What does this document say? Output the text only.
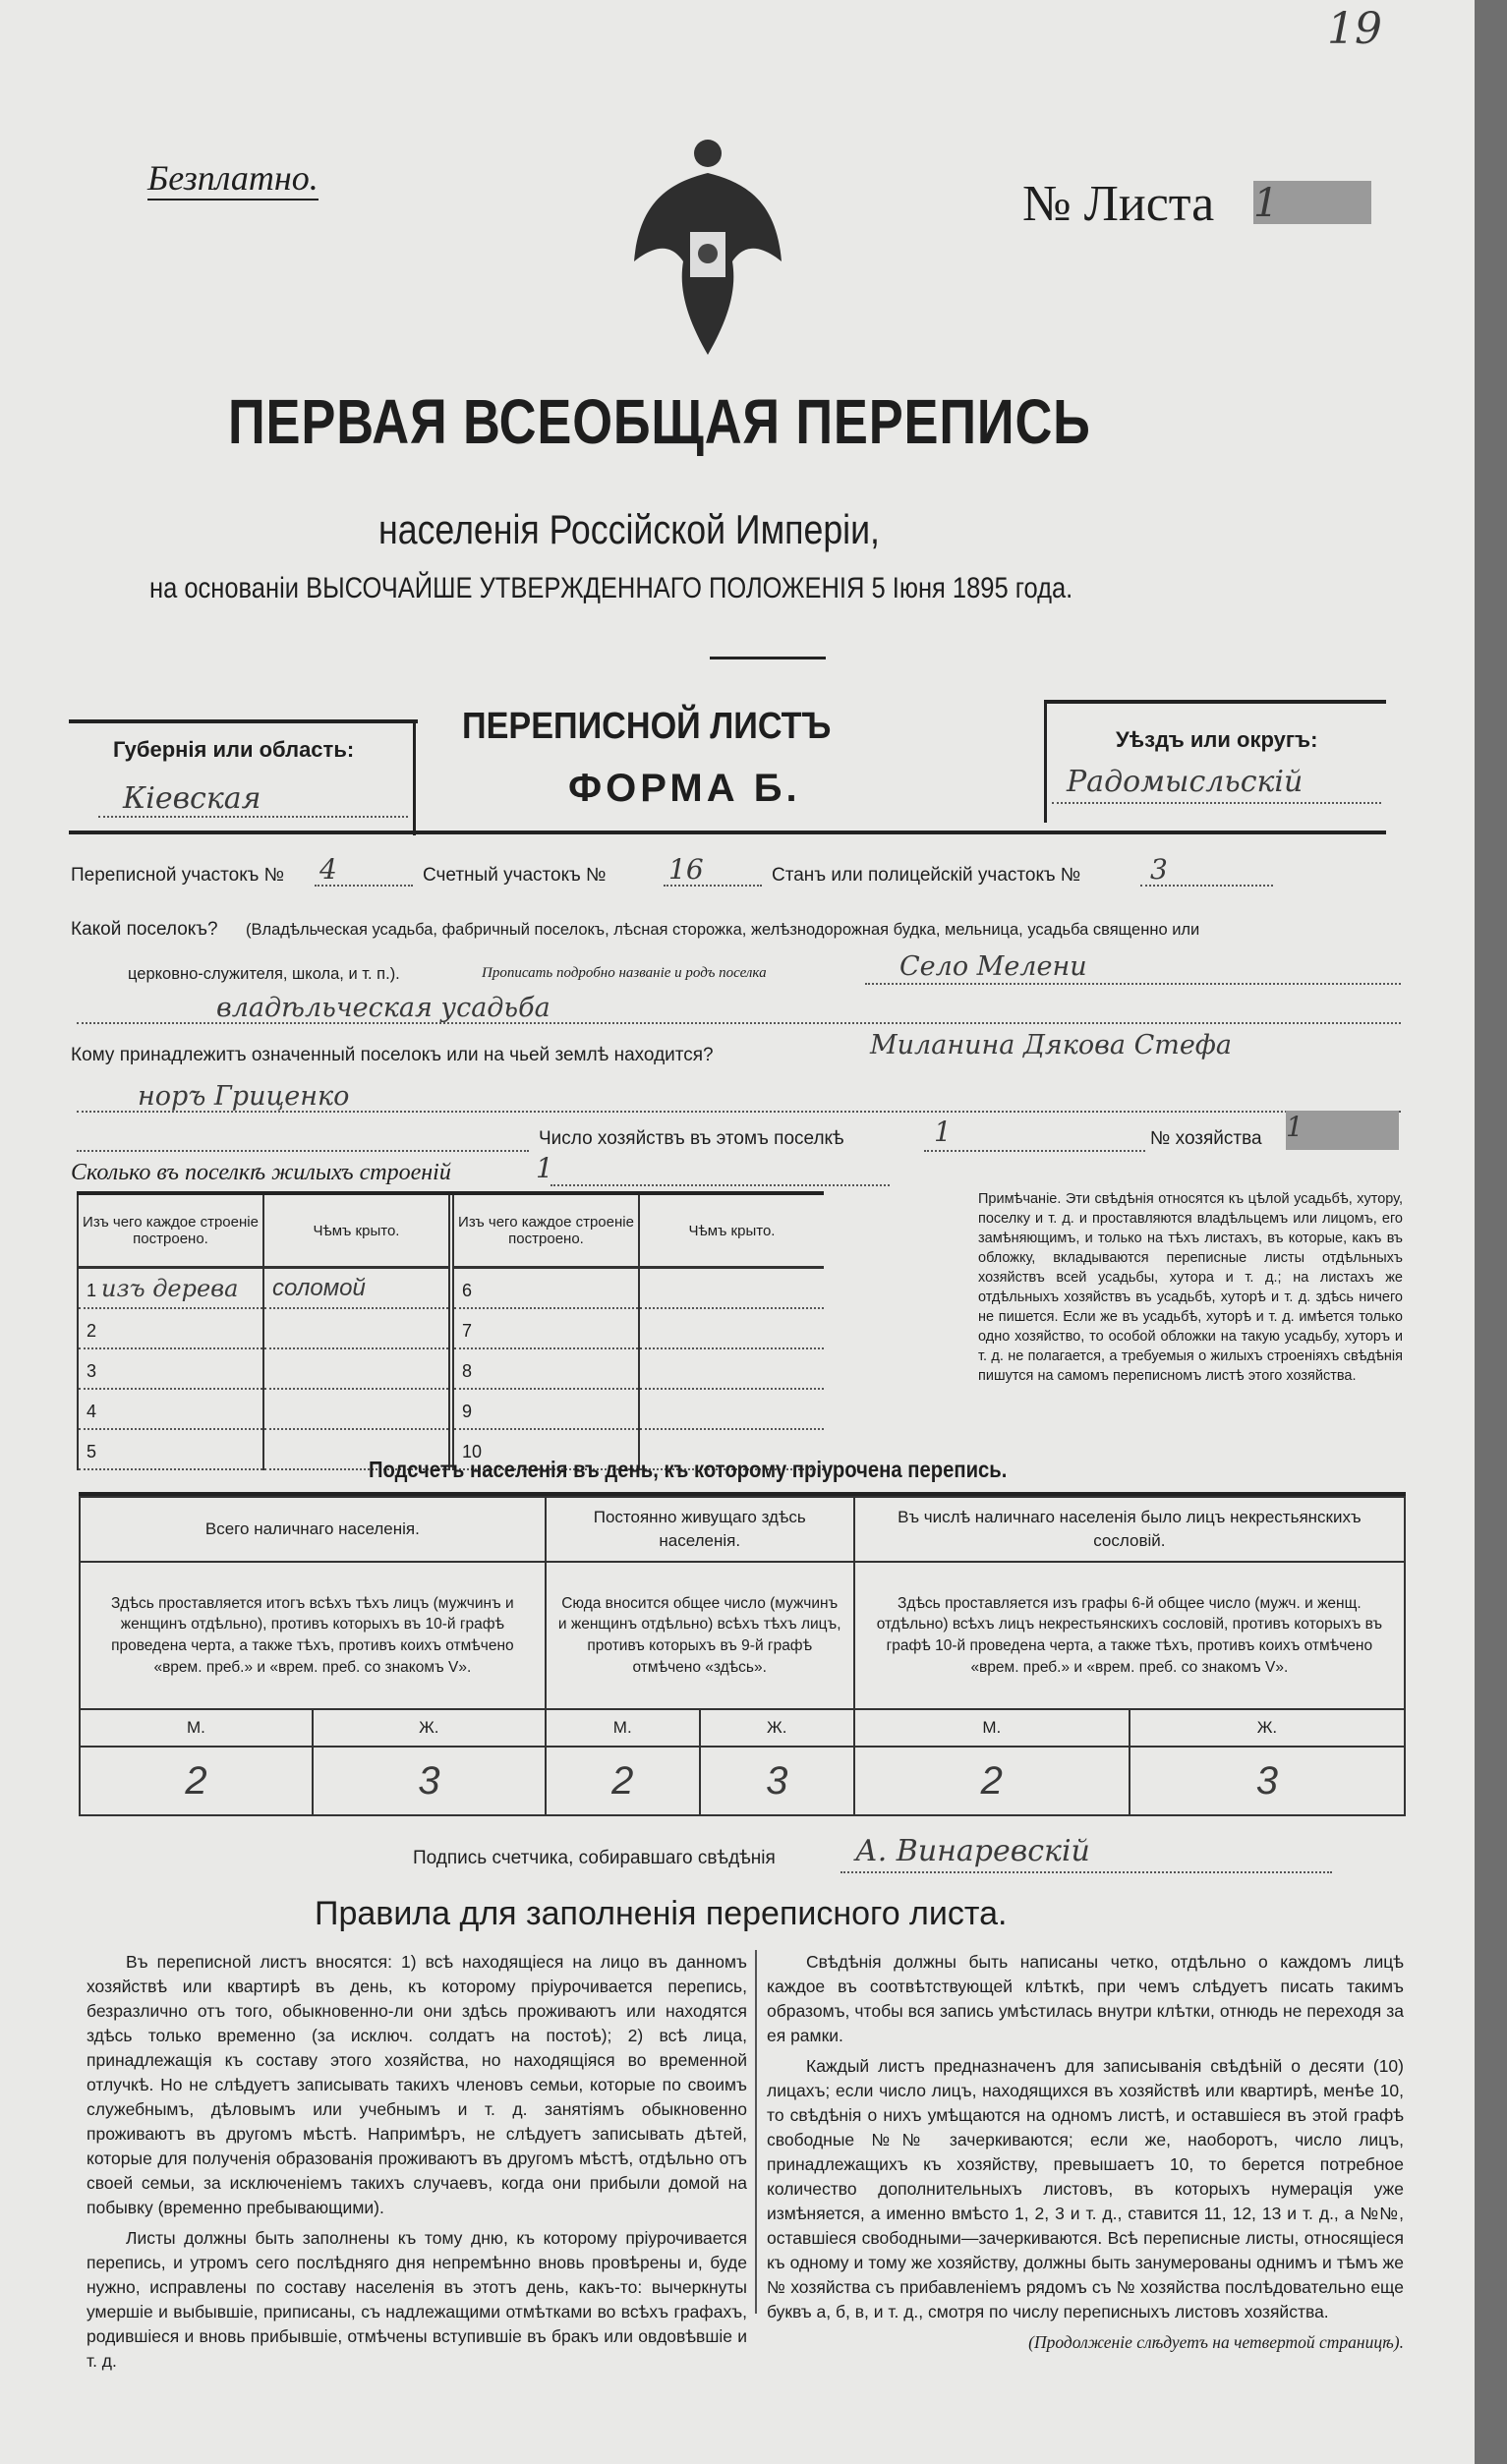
19
Безплатно.	№ Листа 1
ПЕРВАЯ ВСЕОБЩАЯ ПЕРЕПИСЬ
населенія Россійской Имперіи,
на основаніи ВЫСОЧАЙШЕ УТВЕРЖДЕННАГО ПОЛОЖЕНІЯ 5 Іюня 1895 года.
Губернія или область:
Кіевская
ПЕРЕПИСНОЙ ЛИСТЪ
ФОРМА Б.
Уѣздъ или округъ:
Радомысльскій
Переписной участокъ № 4	Счетный участокъ № 16	Станъ или полицейскій участокъ №	3
Какой поселокъ? (Владѣльческая усадьба, фабричный поселокъ, лѣсная сторожка, желѣзнодорожная будка, мельница, усадьба священно или
церковно-служителя, школа, и т. п.).	Прописать подробно названіе и родъ поселка	Село Мелени
владѣльческая усадьба
Кому принадлежитъ означенный поселокъ или на чьей землѣ находится?	Миланина Дякова Стефа
норъ Гриценко
Число хозяйствъ въ этомъ поселкѣ	1	№ хозяйства 1
Сколько въ поселкѣ жилыхъ строеній	1
Изъ чего каждое строеніе построено.	Чѣмъ крыто.	Изъ чего каждое строеніе построено.	Чѣмъ крыто.
1 изъ дерева	соломой	6	
2		7	
3		8	
4		9	
5		10	
Примѣчаніе. Эти свѣдѣнія относятся къ цѣлой усадьбѣ, хутору, поселку и т. д. и проставляются владѣльцемъ или лицомъ, его замѣняющимъ, и только на тѣхъ листахъ, въ которые, какъ въ обложку, вкладываются переписные листы отдѣльныхъ хозяйствъ всей усадьбы, хутора и т. д.; на листахъ же отдѣльныхъ хозяйствъ въ усадьбѣ, хуторѣ и т. д. здѣсь ничего не пишется. Если же въ усадьбѣ, хуторѣ и т. д. имѣется только одно хозяйство, то особой обложки на такую усадьбу, хуторъ и т. д. не полагается, а требуемыя о жилыхъ строеніяхъ свѣдѣнія пишутся на самомъ переписномъ листѣ этого хозяйства.
Подсчетъ населенія въ день, къ которому пріурочена перепись.
Всего наличнаго населенія.		Постоянно живущаго здѣсь населенія.		Въ числѣ наличнаго населенія было лицъ некрестьянскихъ сословій.	
Здѣсь проставляется итогъ всѣхъ тѣхъ лицъ (мужчинъ и женщинъ отдѣльно), противъ которыхъ въ 10-й графѣ проведена черта, а также тѣхъ, противъ коихъ отмѣчено «врем. преб.» и «врем. преб. со знакомъ V».		Сюда вносится общее число (мужчинъ и женщинъ отдѣльно) всѣхъ тѣхъ лицъ, противъ которыхъ въ 9-й графѣ отмѣчено «здѣсь».		Здѣсь проставляется изъ графы 6-й общее число (мужч. и женщ. отдѣльно) всѣхъ лицъ некрестьянскихъ сословій, противъ которыхъ въ графѣ 10-й проведена черта, а также тѣхъ, противъ коихъ отмѣчено «врем. преб.» и «врем. преб. со знакомъ V».	
М.	Ж.	М.	Ж.	М.	Ж.
2	3	2	3	2	3
Подпись счетчика, собиравшаго свѣдѣнія	А. Винаревскій
Правила для заполненія переписного листа.

Въ переписной листъ вносятся: 1) всѣ находящіеся на лицо въ данномъ хозяйствѣ или квартирѣ въ день, къ которому пріурочивается перепись, безразлично отъ того, обыкновенно-ли они здѣсь проживаютъ или находятся здѣсь только временно (за исключ. солдатъ на постоѣ); 2) всѣ лица, принадлежащія къ составу этого хозяйства, но находящіяся во временной отлучкѣ. Но не слѣдуетъ записывать такихъ членовъ семьи, которые по своимъ служебнымъ, дѣловымъ или учебнымъ и т. д. занятіямъ обыкновенно проживаютъ въ другомъ мѣстѣ. Напримѣръ, не слѣдуетъ записывать дѣтей, которые для полученія образованія проживаютъ въ другомъ мѣстѣ, отдѣльно отъ своей семьи, за исключеніемъ такихъ случаевъ, когда они прибыли домой на побывку (временно пребывающими).

Листы должны быть заполнены къ тому дню, къ которому пріурочивается перепись, и утромъ сего послѣдняго дня непремѣнно вновь провѣрены и, буде нужно, исправлены по составу населенія въ этотъ день, какъ-то: вычеркнуты умершіе и выбывшіе, приписаны, съ надлежащими отмѣтками во всѣхъ графахъ, родившіеся и вновь прибывшіе, отмѣчены вступившіе въ бракъ или овдовѣвшіе и т. д.

Свѣдѣнія должны быть написаны четко, отдѣльно о каждомъ лицѣ каждое въ соотвѣтствующей клѣткѣ, при чемъ слѣдуетъ писать такимъ образомъ, чтобы вся запись умѣстилась внутри клѣтки, отнюдь не переходя за ея рамки.

Каждый листъ предназначенъ для записыванія свѣдѣній о десяти (10) лицахъ; если число лицъ, находящихся въ хозяйствѣ или квартирѣ, менѣе 10, то свѣдѣнія о нихъ умѣщаются на одномъ листѣ, и оставшіеся въ этой графѣ свободные №№ зачеркиваются; если же, наоборотъ, число лицъ, принадлежащихъ къ хозяйству, превышаетъ 10, то берется потребное количество дополнительныхъ листовъ, въ которыхъ нумерація уже измѣняется, а именно вмѣсто 1, 2, 3 и т. д., ставится 11, 12, 13 и т. д., а №№, оставшіеся свободными—зачеркиваются. Всѣ переписные листы, относящіеся къ одному и тому же хозяйству, должны быть занумерованы однимъ и тѣмъ же № хозяйства съ прибавленіемъ рядомъ съ № хозяйства послѣдовательно еще буквъ а, б, в, и т. д., смотря по числу переписныхъ листовъ хозяйства.

(Продолженіе слѣдуетъ на четвертой страницѣ).
